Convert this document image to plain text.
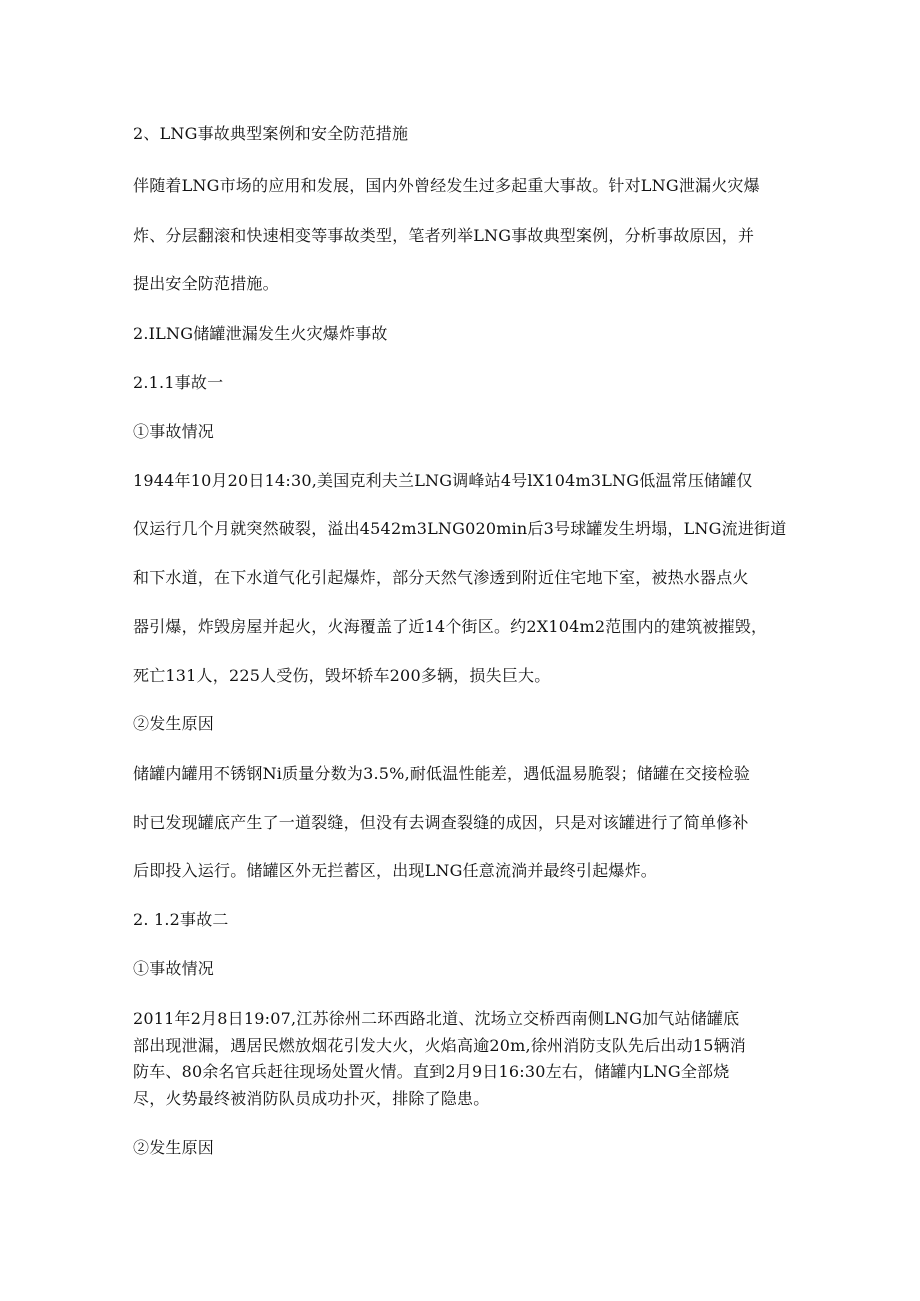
2、LNG事故典型案例和安全防范措施

伴随着LNG市场的应用和发展，国内外曾经发生过多起重大事故。针对LNG泄漏火灾爆

炸、分层翻滚和快速相变等事故类型，笔者列举LNG事故典型案例，分析事故原因，并

提出安全防范措施。

2.ILNG储罐泄漏发生火灾爆炸事故

2.1.1事故一

①事故情况

1944年10月20日14:30,美国克利夫兰LNG调峰站4号lX104m3LNG低温常压储罐仅

仅运行几个月就突然破裂，溢出4542m3LNG020min后3号球罐发生坍塌，LNG流进街道

和下水道，在下水道气化引起爆炸，部分天然气渗透到附近住宅地下室，被热水器点火

器引爆，炸毁房屋并起火，火海覆盖了近14个街区。约2X104m2范围内的建筑被摧毁，

死亡131人，225人受伤，毁坏轿车200多辆，损失巨大。

②发生原因

储罐内罐用不锈钢Ni质量分数为3.5%,耐低温性能差，遇低温易脆裂；储罐在交接检验

时已发现罐底产生了一道裂缝，但没有去调查裂缝的成因，只是对该罐进行了简单修补

后即投入运行。储罐区外无拦蓄区，出现LNG任意流淌并最终引起爆炸。

2. 1.2事故二

①事故情况

2011年2月8日19:07,江苏徐州二环西路北道、沈场立交桥西南侧LNG加气站储罐底

部出现泄漏，遇居民燃放烟花引发大火，火焰高逾20m,徐州消防支队先后出动15辆消

防车、80余名官兵赶往现场处置火情。直到2月9日16:30左右，储罐内LNG全部烧

尽，火势最终被消防队员成功扑灭，排除了隐患。

②发生原因
